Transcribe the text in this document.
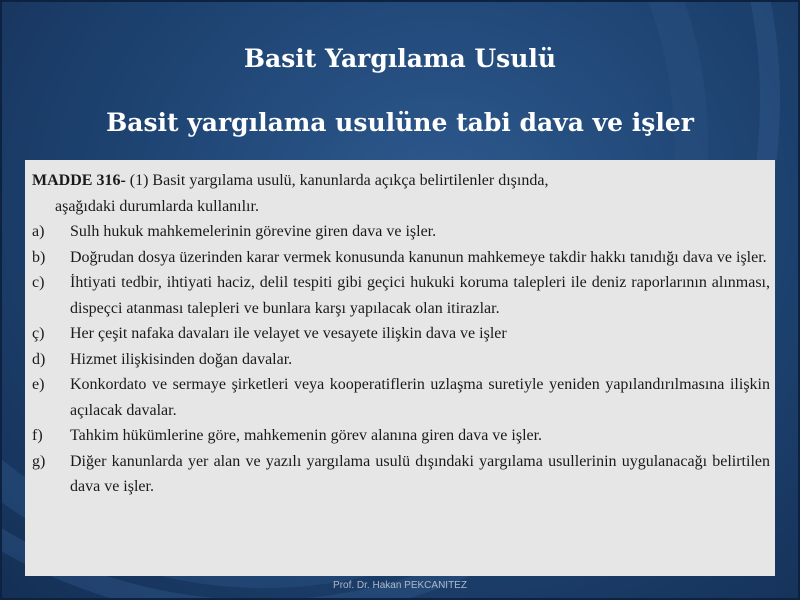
Basit Yargılama Usulü
Basit yargılama usulüne tabi dava ve işler

MADDE 316- (1) Basit yargılama usulü, kanunlarda açıkça belirtilenler dışında,
aşağıdaki durumlarda kullanılır.

a)	Sulh hukuk mahkemelerinin görevine giren dava ve işler.
b)	Doğrudan dosya üzerinden karar vermek konusunda kanunun mahkemeye takdir hakkı tanıdığı dava ve işler.
c)	İhtiyati tedbir, ihtiyati haciz, delil tespiti gibi geçici hukuki koruma talepleri ile deniz raporlarının alınması, dispeçci atanması talepleri ve bunlara karşı yapılacak olan itirazlar.
ç)	Her çeşit nafaka davaları ile velayet ve vesayete ilişkin dava ve işler
d)	Hizmet ilişkisinden doğan davalar.
e)	Konkordato ve sermaye şirketleri veya kooperatiflerin uzlaşma suretiyle yeniden yapılandırılmasına ilişkin açılacak davalar.
f)	Tahkim hükümlerine göre, mahkemenin görev alanına giren dava ve işler.
g)	Diğer kanunlarda yer alan ve yazılı yargılama usulü dışındaki yargılama usullerinin uygulanacağı belirtilen dava ve işler.
Prof. Dr. Hakan PEKCANITEZ
